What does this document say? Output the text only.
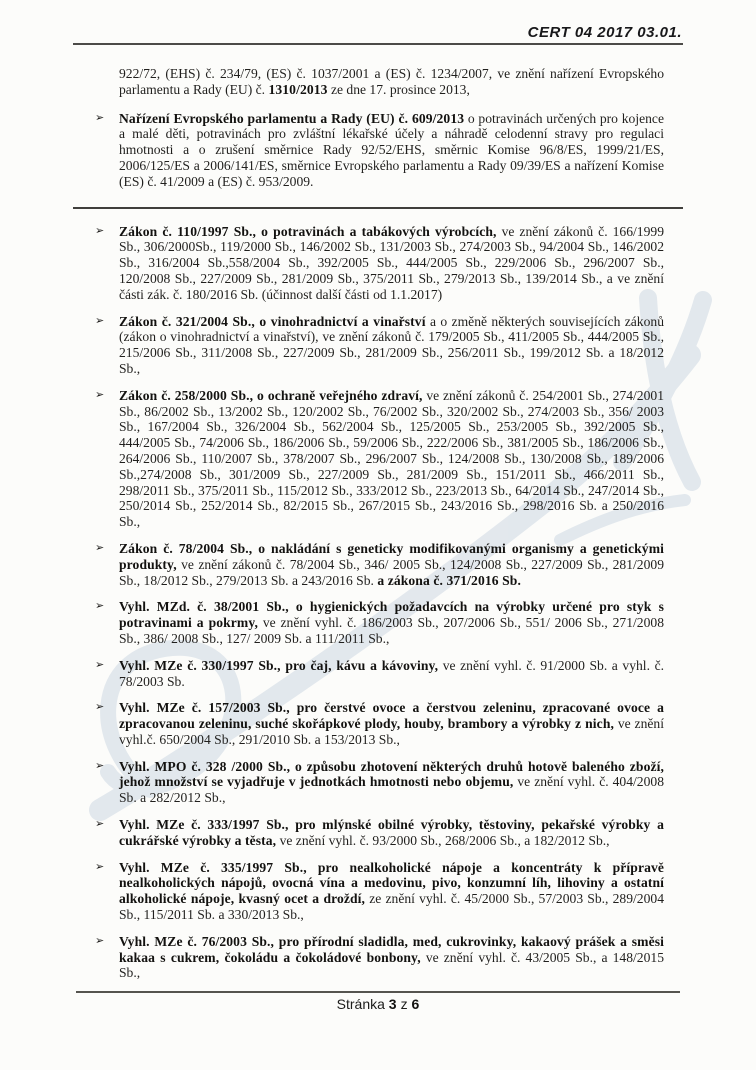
CERT 04 2017 03.01.

922/72, (EHS) č. 234/79, (ES) č. 1037/2001 a (ES) č. 1234/2007, ve znění nařízení Evropského parlamentu a Rady (EU) č. 1310/2013 ze dne 17. prosince 2013,

➢	Nařízení Evropského parlamentu a Rady (EU) č. 609/2013 o potravinách určených pro kojence a malé děti, potravinách pro zvláštní lékařské účely a náhradě celodenní stravy pro regulaci hmotnosti a o zrušení směrnice Rady 92/52/EHS, směrnic Komise 96/8/ES, 1999/21/ES, 2006/125/ES a 2006/141/ES, směrnice Evropského parlamentu a Rady 09/39/ES a nařízení Komise (ES) č. 41/2009 a (ES) č. 953/2009.
➢	Zákon č. 110/1997 Sb., o potravinách a tabákových výrobcích, ve znění zákonů č. 166/1999 Sb., 306/2000Sb., 119/2000 Sb., 146/2002 Sb., 131/2003 Sb., 274/2003 Sb., 94/2004 Sb., 146/2002 Sb., 316/2004 Sb.,558/2004 Sb., 392/2005 Sb., 444/2005 Sb., 229/2006 Sb., 296/2007 Sb., 120/2008 Sb., 227/2009 Sb., 281/2009 Sb., 375/2011 Sb., 279/2013 Sb., 139/2014 Sb., a ve znění části zák. č. 180/2016 Sb. (účinnost další části od 1.1.2017)
➢	Zákon č. 321/2004 Sb., o vinohradnictví a vinařství a o změně některých souvisejících zákonů (zákon o vinohradnictví a vinařství), ve znění zákonů č. 179/2005 Sb., 411/2005 Sb., 444/2005 Sb., 215/2006 Sb., 311/2008 Sb., 227/2009 Sb., 281/2009 Sb., 256/2011 Sb., 199/2012 Sb. a 18/2012 Sb.,
➢	Zákon č. 258/2000 Sb., o ochraně veřejného zdraví, ve znění zákonů č. 254/2001 Sb., 274/2001 Sb., 86/2002 Sb., 13/2002 Sb., 120/2002 Sb., 76/2002 Sb., 320/2002 Sb., 274/2003 Sb., 356/ 2003 Sb., 167/2004 Sb., 326/2004 Sb., 562/2004 Sb., 125/2005 Sb., 253/2005 Sb., 392/2005 Sb., 444/2005 Sb., 74/2006 Sb., 186/2006 Sb., 59/2006 Sb., 222/2006 Sb., 381/2005 Sb., 186/2006 Sb., 264/2006 Sb., 110/2007 Sb., 378/2007 Sb., 296/2007 Sb., 124/2008 Sb., 130/2008 Sb., 189/2006 Sb.,274/2008 Sb., 301/2009 Sb., 227/2009 Sb., 281/2009 Sb., 151/2011 Sb., 466/2011 Sb., 298/2011 Sb., 375/2011 Sb., 115/2012 Sb., 333/2012 Sb., 223/2013 Sb., 64/2014 Sb., 247/2014 Sb., 250/2014 Sb., 252/2014 Sb., 82/2015 Sb., 267/2015 Sb., 243/2016 Sb., 298/2016 Sb. a 250/2016 Sb.,
➢	Zákon č. 78/2004 Sb., o nakládání s geneticky modifikovanými organismy a genetickými produkty, ve znění zákonů č. 78/2004 Sb., 346/ 2005 Sb., 124/2008 Sb., 227/2009 Sb., 281/2009 Sb., 18/2012 Sb., 279/2013 Sb. a 243/2016 Sb. a zákona č. 371/2016 Sb.
➢	Vyhl. MZd. č. 38/2001 Sb., o hygienických požadavcích na výrobky určené pro styk s potravinami a pokrmy, ve znění vyhl. č. 186/2003 Sb., 207/2006 Sb., 551/ 2006 Sb., 271/2008 Sb., 386/ 2008 Sb., 127/ 2009 Sb. a 111/2011 Sb.,
➢	Vyhl. MZe č. 330/1997 Sb., pro čaj, kávu a kávoviny, ve znění vyhl. č. 91/2000 Sb. a vyhl. č. 78/2003 Sb.
➢	Vyhl. MZe č. 157/2003 Sb., pro čerstvé ovoce a čerstvou zeleninu, zpracované ovoce a zpracovanou zeleninu, suché skořápkové plody, houby, brambory a výrobky z nich, ve znění vyhl.č. 650/2004 Sb., 291/2010 Sb. a 153/2013 Sb.,
➢	Vyhl. MPO č. 328 /2000 Sb., o způsobu zhotovení některých druhů hotově baleného zboží, jehož množství se vyjadřuje v jednotkách hmotnosti nebo objemu, ve znění vyhl. č. 404/2008 Sb. a 282/2012 Sb.,
➢	Vyhl. MZe č. 333/1997 Sb., pro mlýnské obilné výrobky, těstoviny, pekařské výrobky a cukrářské výrobky a těsta, ve znění vyhl. č. 93/2000 Sb., 268/2006 Sb., a 182/2012 Sb.,
➢	Vyhl. MZe č. 335/1997 Sb., pro nealkoholické nápoje a koncentráty k přípravě nealkoholických nápojů, ovocná vína a medovinu, pivo, konzumní líh, lihoviny a ostatní alkoholické nápoje, kvasný ocet a droždí, ze znění vyhl. č. 45/2000 Sb., 57/2003 Sb., 289/2004 Sb., 115/2011 Sb. a 330/2013 Sb.,
➢	Vyhl. MZe č. 76/2003 Sb., pro přírodní sladidla, med, cukrovinky, kakaový prášek a směsi kakaa s cukrem, čokoládu a čokoládové bonbony, ve znění vyhl. č. 43/2005 Sb., a 148/2015 Sb.,
Stránka 3 z 6
